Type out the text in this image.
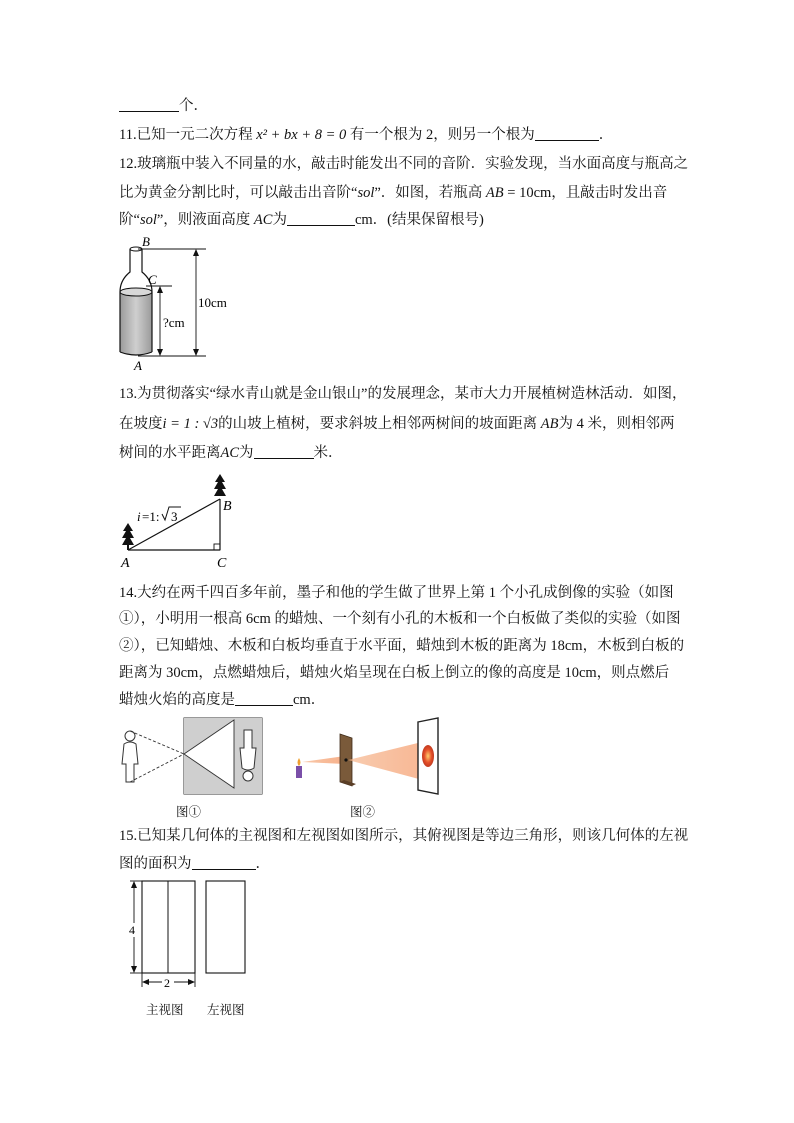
个．
11.已知一元二次方程 x² + bx + 8 = 0 有一个根为 2，则另一个根为	．
12.玻璃瓶中装入不同量的水，敲击时能发出不同的音阶．实验发现，当水面高度与瓶高之
比为黄金分割比时，可以敲击出音阶“sol”．如图，若瓶高 AB = 10cm，且敲击时发出音
阶“sol”，则液面高度 AC为	cm．(结果保留根号)
B
C
A
10cm
?cm
13.为贯彻落实“绿水青山就是金山银山”的发展理念，某市大力开展植树造林活动．如图，
在坡度i = 1 : √3的山坡上植树，要求斜坡上相邻两树间的坡面距离 AB为 4 米，则相邻两
树间的水平距离AC为	米．
i =1: 3
A
B
C
14.大约在两千四百多年前，墨子和他的学生做了世界上第 1 个小孔成倒像的实验（如图
①），小明用一根高 6cm 的蜡烛、一个刻有小孔的木板和一个白板做了类似的实验（如图
②），已知蜡烛、木板和白板均垂直于水平面，蜡烛到木板的距离为 18cm，木板到白板的
距离为 30cm，点燃蜡烛后，蜡烛火焰呈现在白板上倒立的像的高度是 10cm，则点燃后
蜡烛火焰的高度是	cm．
图①	图②
15.已知某几何体的主视图和左视图如图所示，其俯视图是等边三角形，则该几何体的左视
图的面积为	．
4
2
主视图 左视图
